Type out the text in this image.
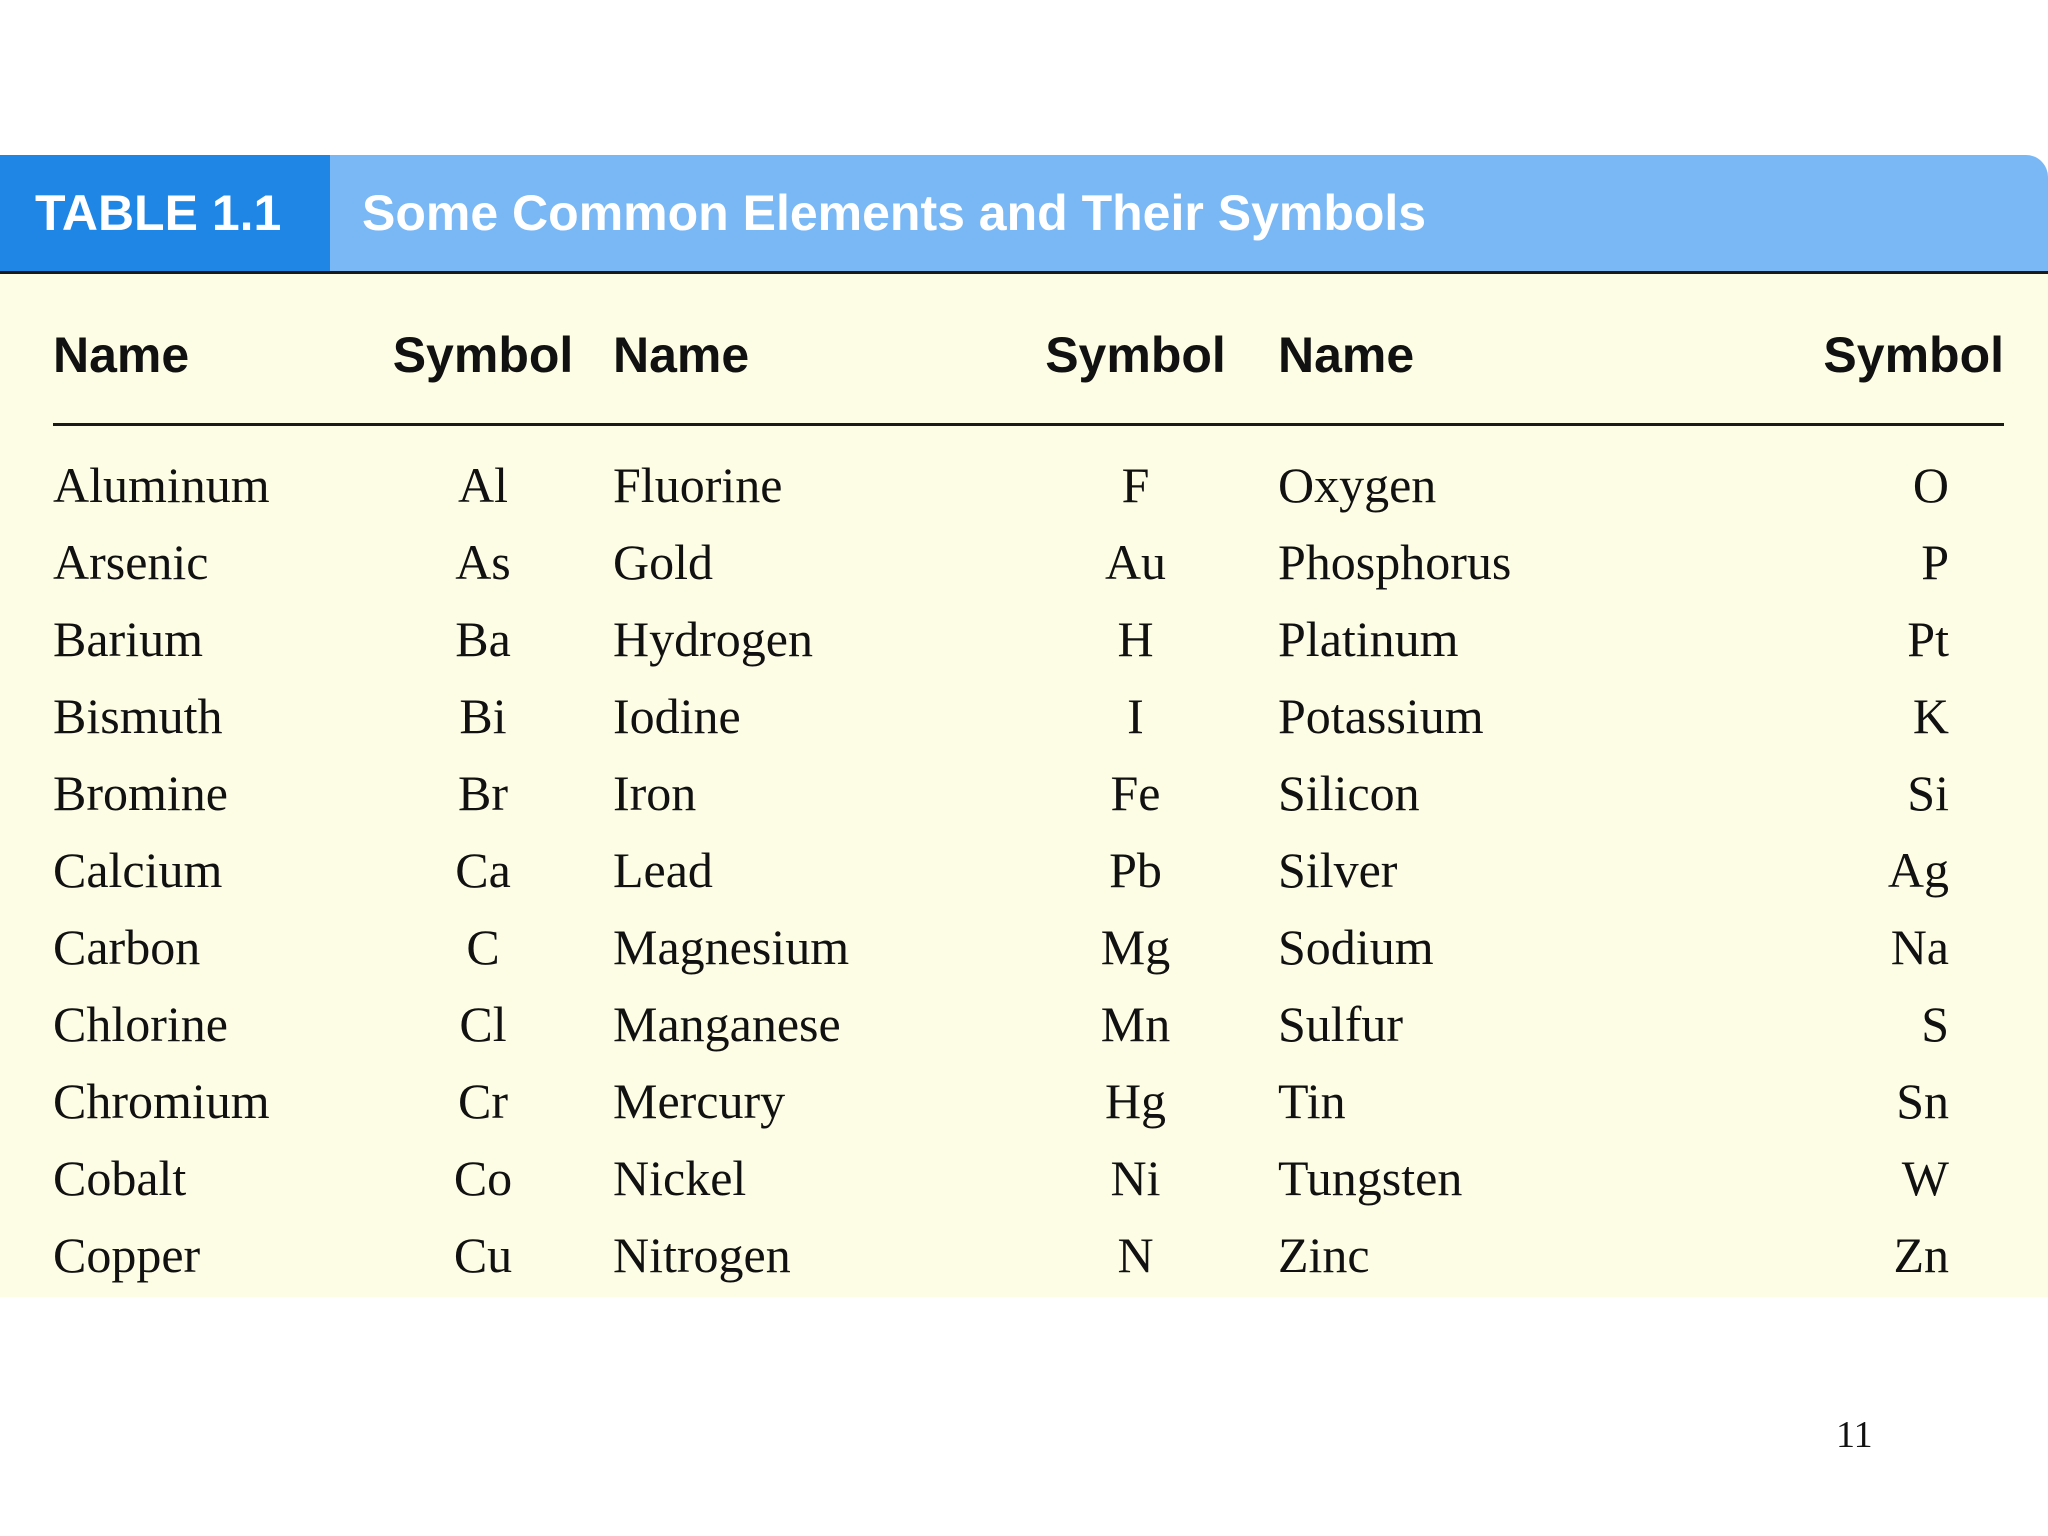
TABLE 1.1	Some Common Elements and Their Symbols
Name	Symbol	Name	Symbol	Name	Symbol
Aluminum	Al	Fluorine	F	Oxygen	O
Arsenic	As	Gold	Au	Phosphorus	P
Barium	Ba	Hydrogen	H	Platinum	Pt
Bismuth	Bi	Iodine	I	Potassium	K
Bromine	Br	Iron	Fe	Silicon	Si
Calcium	Ca	Lead	Pb	Silver	Ag
Carbon	C	Magnesium	Mg	Sodium	Na
Chlorine	Cl	Manganese	Mn	Sulfur	S
Chromium	Cr	Mercury	Hg	Tin	Sn
Cobalt	Co	Nickel	Ni	Tungsten	W
Copper	Cu	Nitrogen	N	Zinc	Zn
11
